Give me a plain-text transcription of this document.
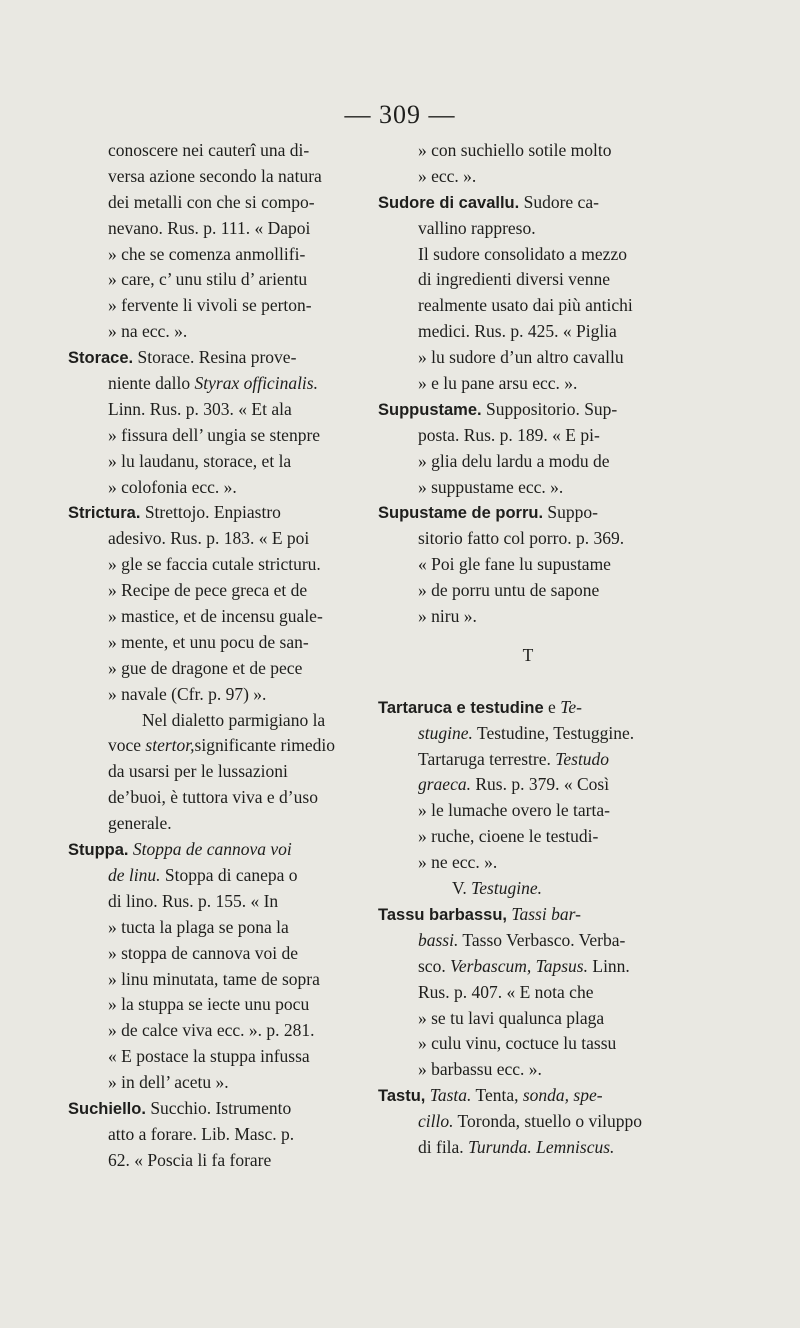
— 309 —
conoscere nei cauterî una di-
versa azione secondo la natura
dei metalli con che si compo-
nevano. Rus. p. 111. « Dapoi
» che se comenza anmollifi-
» care, c’ unu stilu d’ arientu
» fervente li vivoli se perton-
» na ecc. ».
Storace. Storace. Resina prove-
niente dallo Styrax officinalis.
Linn. Rus. p. 303. « Et ala
» fissura dell’ ungia se stenpre
» lu laudanu, storace, et la
» colofonia ecc. ».
Strictura. Strettojo. Enpiastro
adesivo. Rus. p. 183. « E poi
» gle se faccia cutale stricturu.
» Recipe de pece greca et de
» mastice, et de incensu guale-
» mente, et unu pocu de san-
» gue de dragone et de pece
» navale (Cfr. p. 97) ».
Nel dialetto parmigiano la
voce stertor,significante rimedio
da usarsi per le lussazioni
de’buoi, è tuttora viva e d’uso
generale.
Stuppa. Stoppa de cannova voi
de linu. Stoppa di canepa o
di lino. Rus. p. 155. « In
» tucta la plaga se pona la
» stoppa de cannova voi de
» linu minutata, tame de sopra
» la stuppa se iecte unu pocu
» de calce viva ecc. ». p. 281.
« E postace la stuppa infussa
» in dell’ acetu ».
Suchiello. Succhio. Istrumento
atto a forare. Lib. Masc. p.
62. « Poscia li fa forare
» con suchiello sotile molto
» ecc. ».
Sudore di cavallu. Sudore ca-
vallino rappreso.
Il sudore consolidato a mezzo
di ingredienti diversi venne
realmente usato dai più antichi
medici. Rus. p. 425. « Piglia
» lu sudore d’un altro cavallu
» e lu pane arsu ecc. ».
Suppustame. Suppositorio. Sup-
posta. Rus. p. 189. « E pi-
» glia delu lardu a modu de
» suppustame ecc. ».
Supustame de porru. Suppo-
sitorio fatto col porro. p. 369.
« Poi gle fane lu supustame
» de porru untu de sapone
» niru ».
T
Tartaruca e testudine e Te-
stugine. Testudine, Testuggine.
Tartaruga terrestre. Testudo
graeca. Rus. p. 379. « Così
» le lumache overo le tarta-
» ruche, cioene le testudi-
» ne ecc. ».
V. Testugine.
Tassu barbassu, Tassi bar-
bassi. Tasso Verbasco. Verba-
sco. Verbascum, Tapsus. Linn.
Rus. p. 407. « E nota che
» se tu lavi qualunca plaga
» culu vinu, coctuce lu tassu
» barbassu ecc. ».
Tastu, Tasta. Tenta, sonda, spe-
cillo. Toronda, stuello o viluppo
di fila. Turunda. Lemniscus.
